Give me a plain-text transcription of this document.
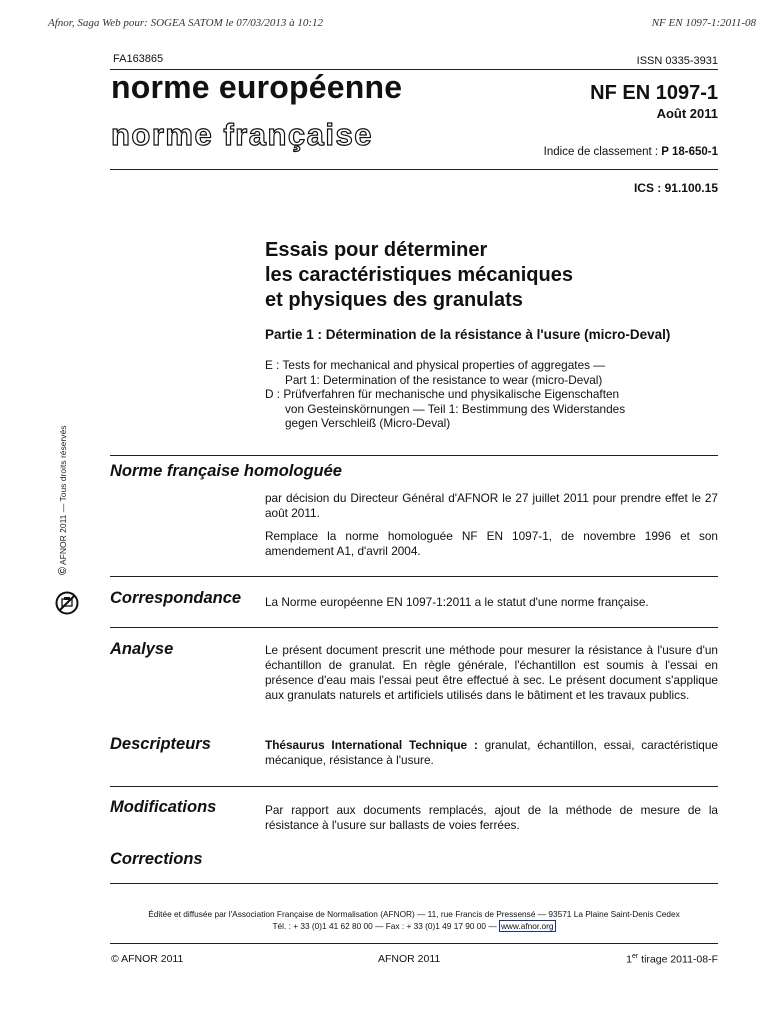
Afnor, Saga Web pour: SOGEA SATOM le 07/03/2013 à 10:12	NF EN 1097-1:2011-08
FA163865	ISSN 0335-3931
norme européenne
norme française
NF EN 1097-1
Août 2011
Indice de classement : P 18-650-1
ICS : 91.100.15
Essais pour déterminer
les caractéristiques mécaniques
et physiques des granulats
Partie 1 : Détermination de la résistance à l'usure (micro-Deval)
E : Tests for mechanical and physical properties of aggregates —
Part 1: Determination of the resistance to wear (micro-Deval)
D : Prüfverfahren für mechanische und physikalische Eigenschaften
von Gesteinskörnungen — Teil 1: Bestimmung des Widerstandes
gegen Verschleiß (Micro-Deval)
© AFNOR 2011 — Tous droits réservés	Norme française homologuée
par décision du Directeur Général d'AFNOR le 27 juillet 2011 pour prendre effet le 27 août 2011.
Remplace la norme homologuée NF EN 1097-1, de novembre 1996 et son amendement A1, d'avril 2004.
Correspondance La Norme européenne EN 1097-1:2011 a le statut d'une norme française.
Analyse	Le présent document prescrit une méthode pour mesurer la résistance à l'usure d'un échantillon de granulat. En règle générale, l'échantillon est soumis à l'essai en présence d'eau mais l'essai peut être effectué à sec. Le présent document s'applique aux granulats naturels et artificiels utilisés dans le bâtiment et les travaux publics.
Descripteurs	Thésaurus International Technique : granulat, échantillon, essai, caractéristique mécanique, résistance à l'usure.
Modifications	Par rapport aux documents remplacés, ajout de la méthode de mesure de la résistance à l'usure sur ballasts de voies ferrées.
Corrections
Éditée et diffusée par l'Association Française de Normalisation (AFNOR) — 11, rue Francis de Pressensé — 93571 La Plaine Saint-Denis Cedex
Tél. : + 33 (0)1 41 62 80 00 — Fax : + 33 (0)1 49 17 90 00 — www.afnor.org
© AFNOR 2011	AFNOR 2011	1er tirage 2011-08-F
